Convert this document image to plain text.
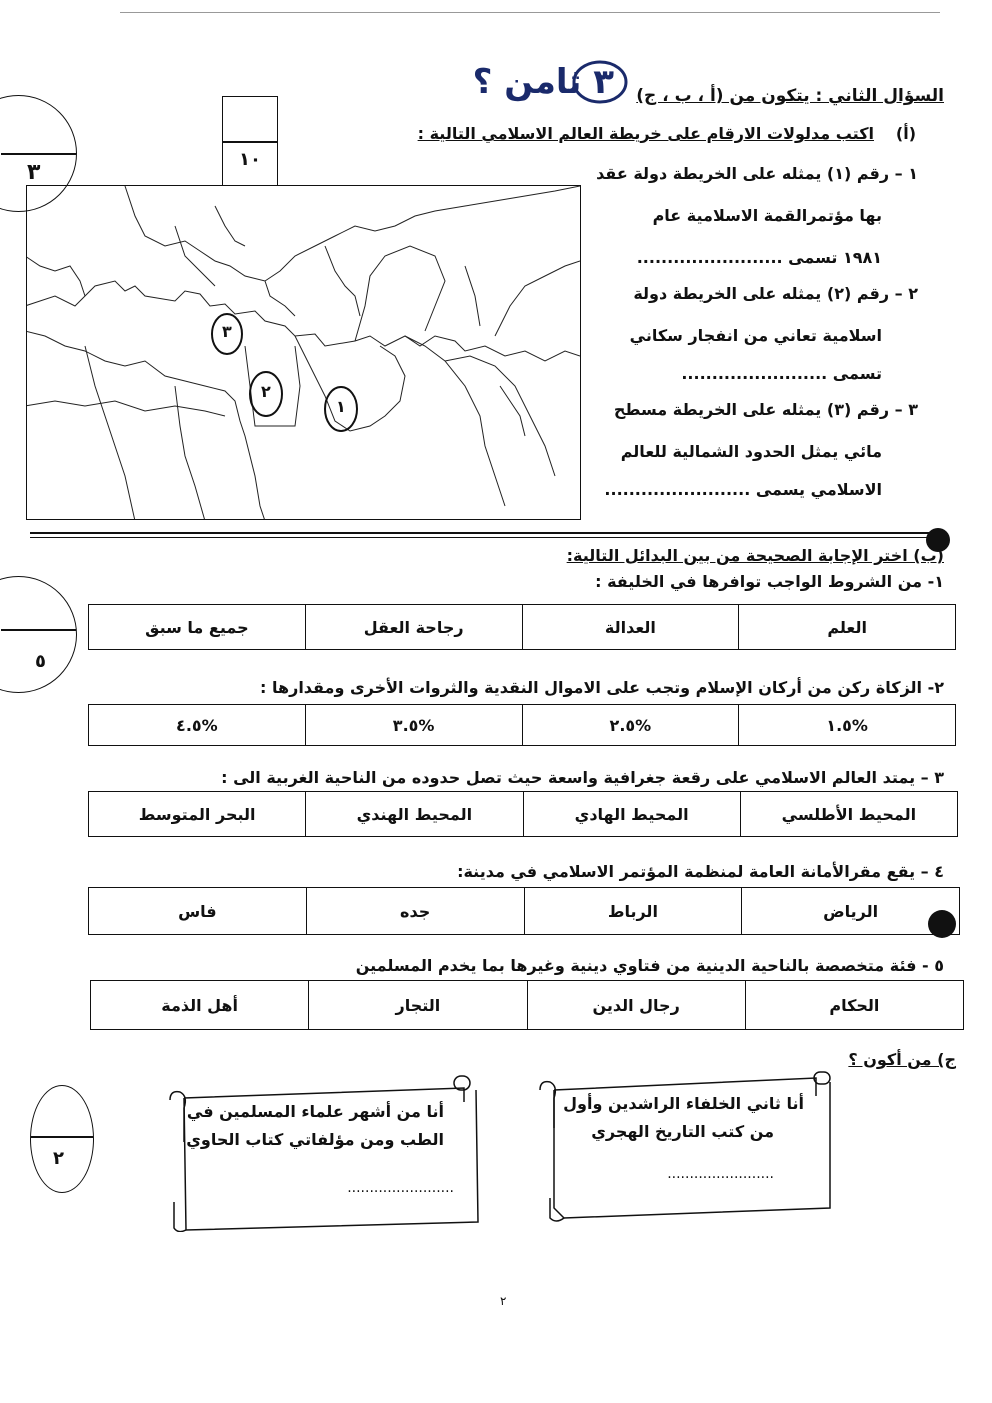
٣ ثامن ؟ السؤال الثاني : يتكون من (أ ، ب ، ج)
١٠
٣
٥
٢
(أ)
اكتب مدلولات الارقام على خريطة العالم الاسلامي التالية :
٣
٢
١
١ – رقم (١) يمثله على الخريطة دولة عقد
بها مؤتمرالقمة الاسلامية عام
١٩٨١ تسمى ........................
٢ – رقم (٢) يمثله على الخريطة دولة
اسلامية تعاني من انفجار سكاني
تسمى ........................
٣ – رقم (٣) يمثله على الخريطة مسطح
مائي يمثل الحدود الشمالية للعالم
الاسلامي يسمى ........................
(ب) اختر الإجابة الصحيحة من بين البدائل التالية:
١- من الشروط الواجب توافرها في الخليفة :
العلم
العدالة
رجاحة العقل
جميع ما سبق
٢- الزكاة ركن من أركان الإسلام وتجب على الاموال النقدية والثروات الأخرى ومقدارها :
١.٥%
٢.٥%
٣.٥%
٤.٥%
٣ – يمتد العالم الاسلامي على رقعة جغرافية واسعة حيث تصل حدوده من الناحية الغربية الى :
المحيط الأطلسي
المحيط الهادي
المحيط الهندي
البحر المتوسط
٤ – يقع مقرالأمانة العامة لمنظمة المؤتمر الاسلامي في مدينة:
الرياض
الرباط
جده
فاس
٥ - فئة متخصصة بالناحية الدينية من فتاوي دينية وغيرها بما يخدم المسلمين
الحكام
رجال الدين
التجار
أهل الذمة
ج) من أكون ؟
أنا ثاني الخلفاء الراشدين وأول
من كتب التاريخ الهجري
........................
أنا من أشهر علماء المسلمين في
الطب ومن مؤلفاتي كتاب الحاوي
........................
٢
